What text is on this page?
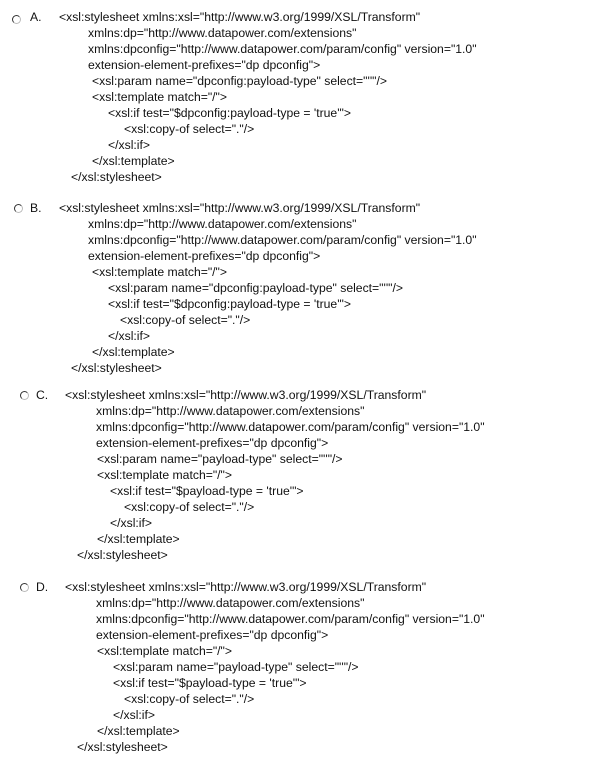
A. <xsl:stylesheet xmlns:xsl="http://www.w3.org/1999/XSL/Transform"
xmlns:dp="http://www.datapower.com/extensions"
xmlns:dpconfig="http://www.datapower.com/param/config" version="1.0"
extension-element-prefixes="dp dpconfig">
<xsl:param name="dpconfig:payload-type" select="''"/>
<xsl:template match="/">
<xsl:if test="$dpconfig:payload-type = 'true'">
<xsl:copy-of select="."/>
</xsl:if>
</xsl:template>
</xsl:stylesheet>
B. <xsl:stylesheet xmlns:xsl="http://www.w3.org/1999/XSL/Transform"
xmlns:dp="http://www.datapower.com/extensions"
xmlns:dpconfig="http://www.datapower.com/param/config" version="1.0"
extension-element-prefixes="dp dpconfig">
<xsl:template match="/">
<xsl:param name="dpconfig:payload-type" select="''"/>
<xsl:if test="$dpconfig:payload-type = 'true'">
<xsl:copy-of select="."/>
</xsl:if>
</xsl:template>
</xsl:stylesheet>
C. <xsl:stylesheet xmlns:xsl="http://www.w3.org/1999/XSL/Transform"
xmlns:dp="http://www.datapower.com/extensions"
xmlns:dpconfig="http://www.datapower.com/param/config" version="1.0"
extension-element-prefixes="dp dpconfig">
<xsl:param name="payload-type" select="''"/>
<xsl:template match="/">
<xsl:if test="$payload-type = 'true'">
<xsl:copy-of select="."/>
</xsl:if>
</xsl:template>
</xsl:stylesheet>
D. <xsl:stylesheet xmlns:xsl="http://www.w3.org/1999/XSL/Transform"
xmlns:dp="http://www.datapower.com/extensions"
xmlns:dpconfig="http://www.datapower.com/param/config" version="1.0"
extension-element-prefixes="dp dpconfig">
<xsl:template match="/">
<xsl:param name="payload-type" select="''"/>
<xsl:if test="$payload-type = 'true'">
<xsl:copy-of select="."/>
</xsl:if>
</xsl:template>
</xsl:stylesheet>
